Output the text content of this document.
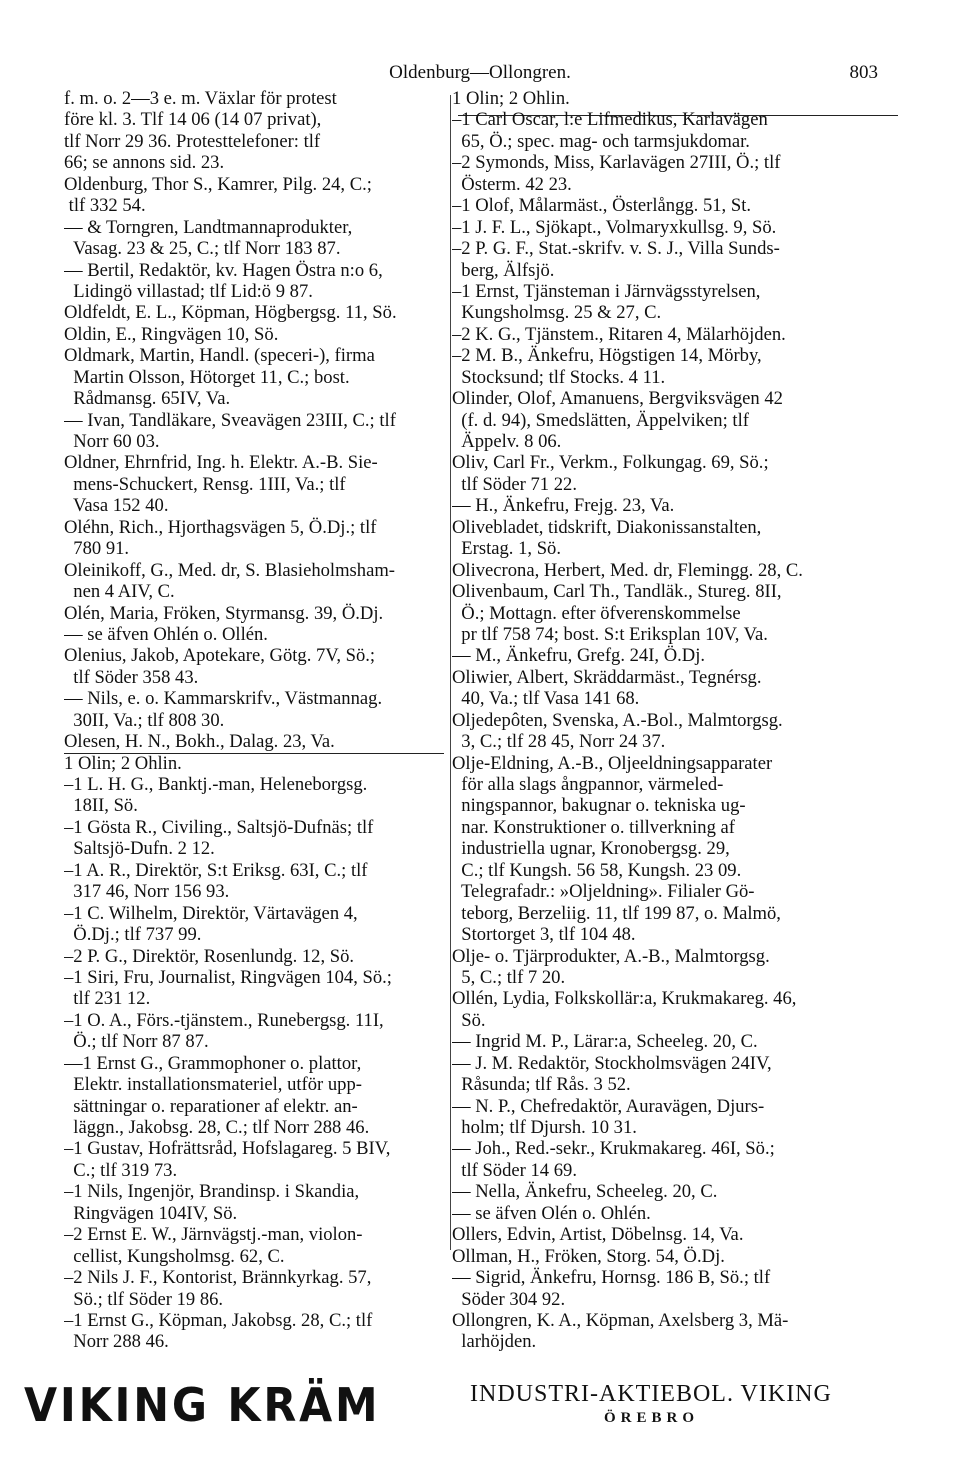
Oldenburg—Ollongren.	803
f. m. o. 2—3 e. m. Växlar för protest
före kl. 3. Tlf 14 06 (14 07 privat),
tlf Norr 29 36. Protesttelefoner: tlf
66; se annons sid. 23.
Oldenburg, Thor S., Kamrer, Pilg. 24, C.;
tlf 332 54.
— & Torngren, Landtmannaprodukter,
Vasag. 23 & 25, C.; tlf Norr 183 87.
— Bertil, Redaktör, kv. Hagen Östra n:o 6,
Lidingö villastad; tlf Lid:ö 9 87.
Oldfeldt, E. L., Köpman, Högbergsg. 11, Sö.
Oldin, E., Ringvägen 10, Sö.
Oldmark, Martin, Handl. (speceri-), firma
Martin Olsson, Hötorget 11, C.; bost.
Rådmansg. 65IV, Va.
— Ivan, Tandläkare, Sveavägen 23III, C.; tlf
Norr 60 03.
Oldner, Ehrnfrid, Ing. h. Elektr. A.-B. Sie-
mens-Schuckert, Rensg. 1III, Va.; tlf
Vasa 152 40.
Oléhn, Rich., Hjorthagsvägen 5, Ö.Dj.; tlf
780 91.
Oleinikoff, G., Med. dr, S. Blasieholmsham-
nen 4 AIV, C.
Olén, Maria, Fröken, Styrmansg. 39, Ö.Dj.
— se äfven Ohlén o. Ollén.
Olenius, Jakob, Apotekare, Götg. 7V, Sö.;
tlf Söder 358 43.
— Nils, e. o. Kammarskrifv., Västmannag.
30II, Va.; tlf 808 30.
Olesen, H. N., Bokh., Dalag. 23, Va.
1 Olin; 2 Ohlin.
–1 L. H. G., Banktj.-man, Heleneborgsg.
18II, Sö.
–1 Gösta R., Civiling., Saltsjö-Dufnäs; tlf
Saltsjö-Dufn. 2 12.
–1 A. R., Direktör, S:t Eriksg. 63I, C.; tlf
317 46, Norr 156 93.
–1 C. Wilhelm, Direktör, Värtavägen 4,
Ö.Dj.; tlf 737 99.
–2 P. G., Direktör, Rosenlundg. 12, Sö.
–1 Siri, Fru, Journalist, Ringvägen 104, Sö.;
tlf 231 12.
–1 O. A., Förs.-tjänstem., Runebergsg. 11I,
Ö.; tlf Norr 87 87.
—1 Ernst G., Grammophoner o. plattor,
Elektr. installationsmateriel, utför upp-
sättningar o. reparationer af elektr. an-
läggn., Jakobsg. 28, C.; tlf Norr 288 46.
–1 Gustav, Hofrättsråd, Hofslagareg. 5 BIV,
C.; tlf 319 73.
–1 Nils, Ingenjör, Brandinsp. i Skandia,
Ringvägen 104IV, Sö.
–2 Ernst E. W., Järnvägstj.-man, violon-
cellist, Kungsholmsg. 62, C.
–2 Nils J. F., Kontorist, Brännkyrkag. 57,
Sö.; tlf Söder 19 86.
–1 Ernst G., Köpman, Jakobsg. 28, C.; tlf
Norr 288 46.
1 Olin; 2 Ohlin.
–1 Carl Oscar, l:e Lifmedikus, Karlavägen
65, Ö.; spec. mag- och tarmsjukdomar.
–2 Symonds, Miss, Karlavägen 27III, Ö.; tlf
Österm. 42 23.
–1 Olof, Målarmäst., Österlångg. 51, St.
–1 J. F. L., Sjökapt., Volmaryxkullsg. 9, Sö.
–2 P. G. F., Stat.-skrifv. v. S. J., Villa Sunds-
berg, Älfsjö.
–1 Ernst, Tjänsteman i Järnvägsstyrelsen,
Kungsholmsg. 25 & 27, C.
–2 K. G., Tjänstem., Ritaren 4, Mälarhöjden.
–2 M. B., Änkefru, Högstigen 14, Mörby,
Stocksund; tlf Stocks. 4 11.
Olinder, Olof, Amanuens, Bergviksvägen 42
(f. d. 94), Smedslätten, Äppelviken; tlf
Äppelv. 8 06.
Oliv, Carl Fr., Verkm., Folkungag. 69, Sö.;
tlf Söder 71 22.
— H., Änkefru, Frejg. 23, Va.
Olivebladet, tidskrift, Diakonissanstalten,
Erstag. 1, Sö.
Olivecrona, Herbert, Med. dr, Flemingg. 28, C.
Olivenbaum, Carl Th., Tandläk., Stureg. 8II,
Ö.; Mottagn. efter öfverenskommelse
pr tlf 758 74; bost. S:t Eriksplan 10V, Va.
— M., Änkefru, Grefg. 24I, Ö.Dj.
Oliwier, Albert, Skräddarmäst., Tegnérsg.
40, Va.; tlf Vasa 141 68.
Oljedepôten, Svenska, A.-Bol., Malmtorgsg.
3, C.; tlf 28 45, Norr 24 37.
Olje-Eldning, A.-B., Oljeeldningsapparater
för alla slags ångpannor, värmeled-
ningspannor, bakugnar o. tekniska ug-
nar. Konstruktioner o. tillverkning af
industriella ugnar, Kronobergsg. 29,
C.; tlf Kungsh. 56 58, Kungsh. 23 09.
Telegrafadr.: »Oljeldning». Filialer Gö-
teborg, Berzeliig. 11, tlf 199 87, o. Malmö,
Stortorget 3, tlf 104 48.
Olje- o. Tjärprodukter, A.-B., Malmtorgsg.
5, C.; tlf 7 20.
Ollén, Lydia, Folkskollär:a, Krukmakareg. 46,
Sö.
— Ingrid M. P., Lärar:a, Scheeleg. 20, C.
— J. M. Redaktör, Stockholmsvägen 24IV,
Råsunda; tlf Rås. 3 52.
— N. P., Chefredaktör, Auravägen, Djurs-
holm; tlf Djursh. 10 31.
— Joh., Red.-sekr., Krukmakareg. 46I, Sö.;
tlf Söder 14 69.
— Nella, Änkefru, Scheeleg. 20, C.
— se äfven Olén o. Ohlén.
Ollers, Edvin, Artist, Döbelnsg. 14, Va.
Ollman, H., Fröken, Storg. 54, Ö.Dj.
— Sigrid, Änkefru, Hornsg. 186 B, Sö.; tlf
Söder 304 92.
Ollongren, K. A., Köpman, Axelsberg 3, Mä-
larhöjden.
VIKING KRÄM	INDUSTRI-AKTIEBOL. VIKING
ÖREBRO
